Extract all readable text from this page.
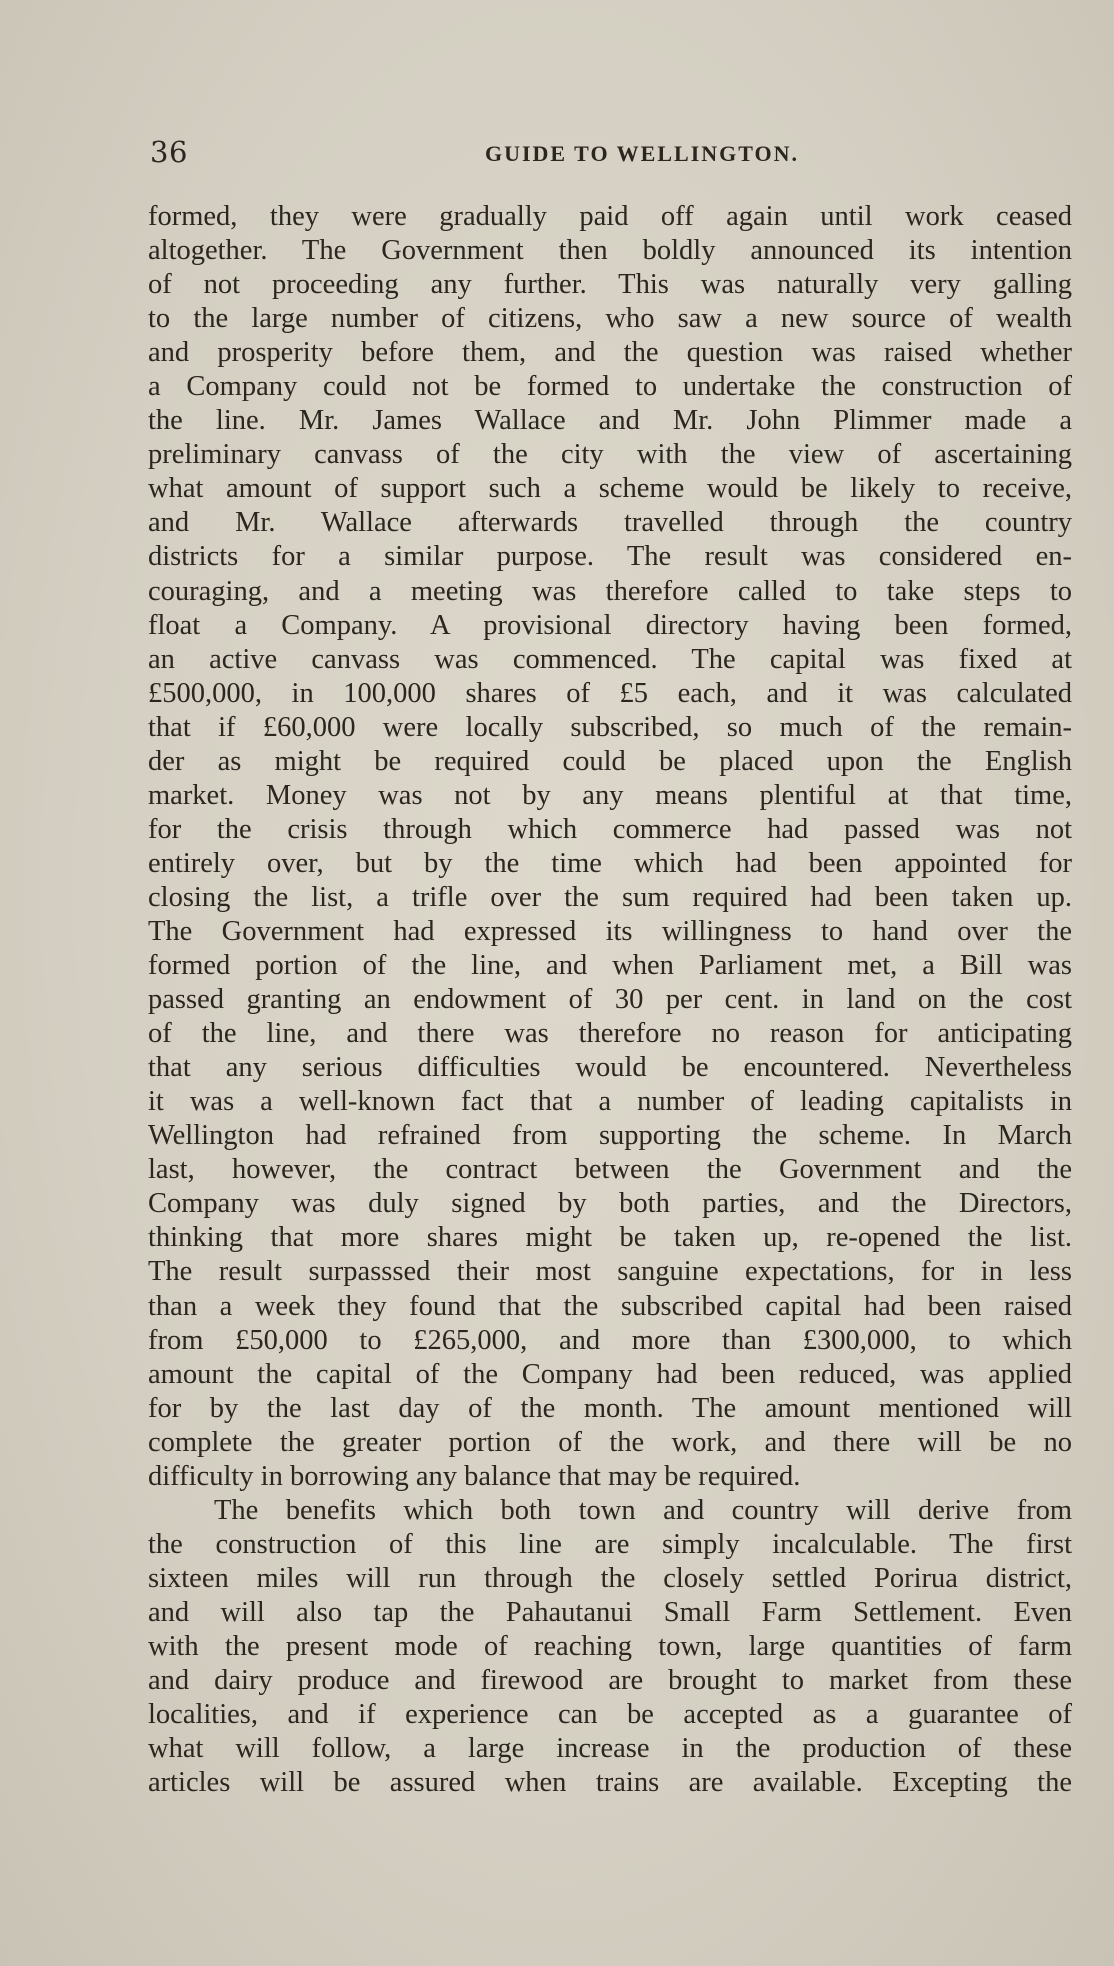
36	GUIDE TO WELLINGTON.
formed, they were gradually paid off again until work ceased
altogether. The Government then boldly announced its intention
of not proceeding any further. This was naturally very galling
to the large number of citizens, who saw a new source of wealth
and prosperity before them, and the question was raised whether
a Company could not be formed to undertake the construction of
the line. Mr. James Wallace and Mr. John Plimmer made a
preliminary canvass of the city with the view of ascertaining
what amount of support such a scheme would be likely to receive,
and Mr. Wallace afterwards travelled through the country
districts for a similar purpose. The result was considered en-
couraging, and a meeting was therefore called to take steps to
float a Company. A provisional directory having been formed,
an active canvass was commenced. The capital was fixed at
£500,000, in 100,000 shares of £5 each, and it was calculated
that if £60,000 were locally subscribed, so much of the remain-
der as might be required could be placed upon the English
market. Money was not by any means plentiful at that time,
for the crisis through which commerce had passed was not
entirely over, but by the time which had been appointed for
closing the list, a trifle over the sum required had been taken up.
The Government had expressed its willingness to hand over the
formed portion of the line, and when Parliament met, a Bill was
passed granting an endowment of 30 per cent. in land on the cost
of the line, and there was therefore no reason for anticipating
that any serious difficulties would be encountered. Nevertheless
it was a well-known fact that a number of leading capitalists in
Wellington had refrained from supporting the scheme. In March
last, however, the contract between the Government and the
Company was duly signed by both parties, and the Directors,
thinking that more shares might be taken up, re-opened the list.
The result surpasssed their most sanguine expectations, for in less
than a week they found that the subscribed capital had been raised
from £50,000 to £265,000, and more than £300,000, to which
amount the capital of the Company had been reduced, was applied
for by the last day of the month. The amount mentioned will
complete the greater portion of the work, and there will be no
difficulty in borrowing any balance that may be required.
The benefits which both town and country will derive from
the construction of this line are simply incalculable. The first
sixteen miles will run through the closely settled Porirua district,
and will also tap the Pahautanui Small Farm Settlement. Even
with the present mode of reaching town, large quantities of farm
and dairy produce and firewood are brought to market from these
localities, and if experience can be accepted as a guarantee of
what will follow, a large increase in the production of these
articles will be assured when trains are available. Excepting the
